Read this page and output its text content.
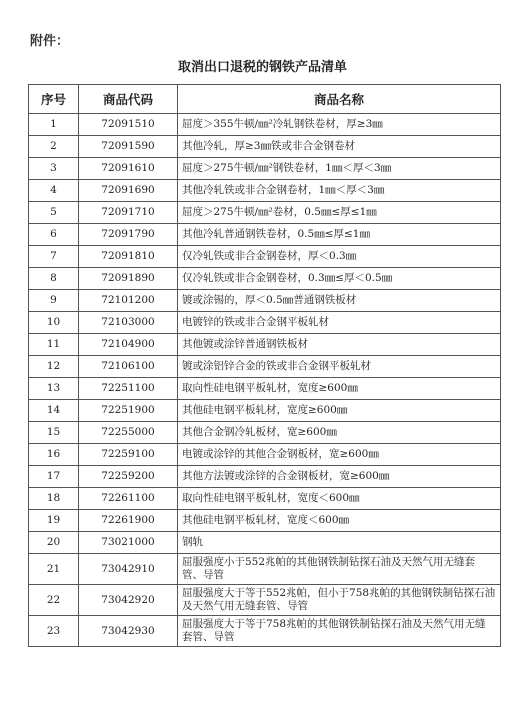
附件：
取消出口退税的钢铁产品清单
序号	商品代码	商品名称
1	72091510	屈度＞355牛顿/㎜²冷轧钢铁卷材，厚≥3㎜
2	72091590	其他冷轧，厚≥3㎜铁或非合金钢卷材
3	72091610	屈度＞275牛顿/㎜²钢铁卷材，1㎜＜厚＜3㎜
4	72091690	其他冷轧铁或非合金钢卷材，1㎜＜厚＜3㎜
5	72091710	屈度＞275牛顿/㎜²卷材，0.5㎜≤厚≤1㎜
6	72091790	其他冷轧普通钢铁卷材，0.5㎜≤厚≤1㎜
7	72091810	仅冷轧铁或非合金钢卷材，厚＜0.3㎜
8	72091890	仅冷轧铁或非合金钢卷材，0.3㎜≤厚＜0.5㎜
9	72101200	镀或涂锡的，厚＜0.5㎜普通钢铁板材
10	72103000	电镀锌的铁或非合金钢平板轧材
11	72104900	其他镀或涂锌普通钢铁板材
12	72106100	镀或涂铝锌合金的铁或非合金钢平板轧材
13	72251100	取向性硅电钢平板轧材，宽度≥600㎜
14	72251900	其他硅电钢平板轧材，宽度≥600㎜
15	72255000	其他合金钢冷轧板材，宽≥600㎜
16	72259100	电镀或涂锌的其他合金钢板材，宽≥600㎜
17	72259200	其他方法镀或涂锌的合金钢板材，宽≥600㎜
18	72261100	取向性硅电钢平板轧材，宽度＜600㎜
19	72261900	其他硅电钢平板轧材，宽度＜600㎜
20	73021000	钢轨
21	73042910	屈服强度小于552兆帕的其他钢铁制钻探石油及天然气用无缝套管、导管
22	73042920	屈服强度大于等于552兆帕，但小于758兆帕的其他钢铁制钻探石油及天然气用无缝套管、导管
23	73042930	屈服强度大于等于758兆帕的其他钢铁制钻探石油及天然气用无缝套管、导管
